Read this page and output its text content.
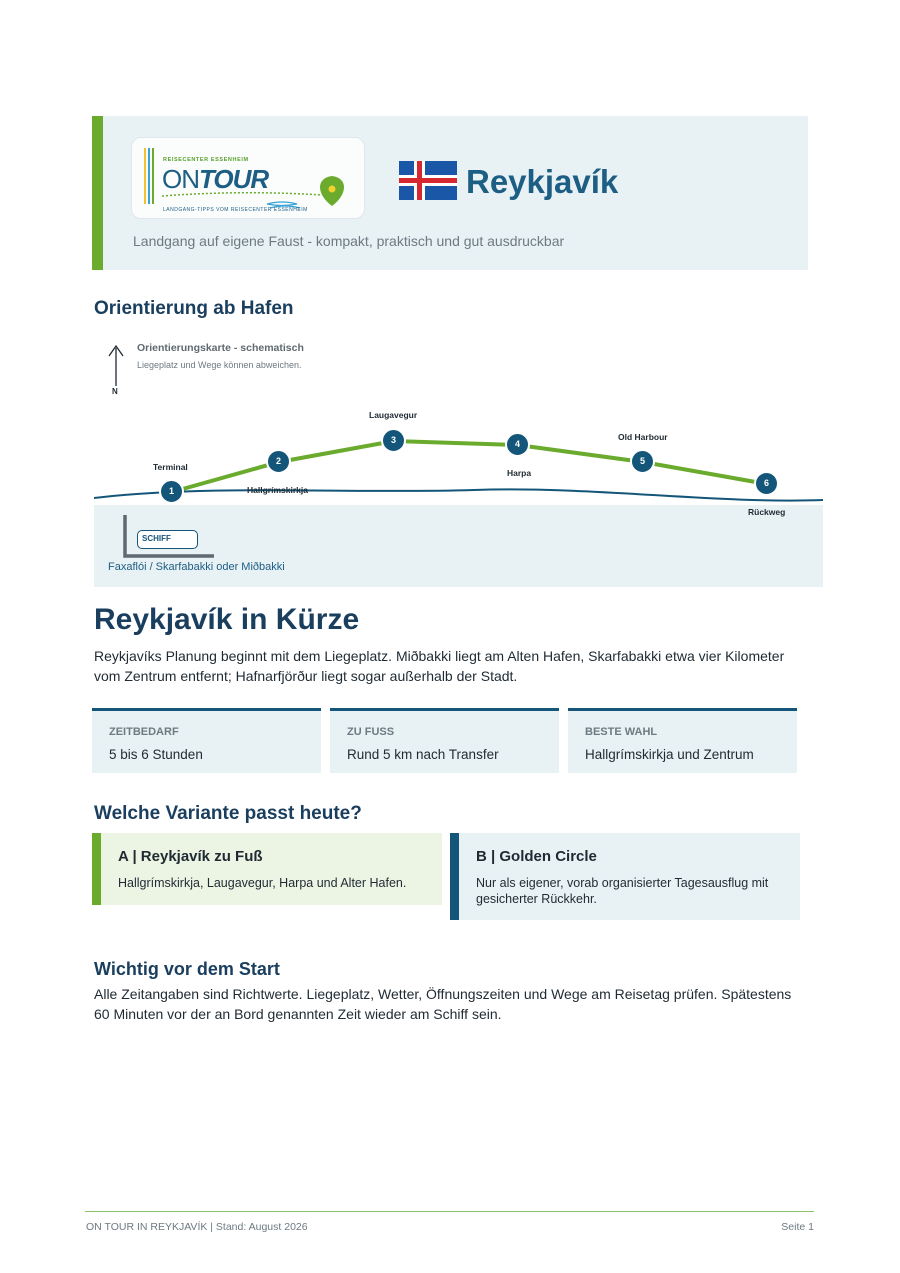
REISECENTER ESSENHEIM
ONTOUR
LANDGANG-TIPPS VOM REISECENTER ESSENHEIM
Reykjavík
Landgang auf eigene Faust - kompakt, praktisch und gut ausdruckbar
Orientierung ab Hafen
Orientierungskarte - schematisch
Liegeplatz und Wege können abweichen.
N
1
Terminal
2
Hallgrímskirkja
3
Laugavegur
4
Harpa
5
Old Harbour
6
Rückweg
SCHIFF
Faxaflói / Skarfabakki oder Miðbakki
Reykjavík in Kürze
Reykjavíks Planung beginnt mit dem Liegeplatz. Miðbakki liegt am Alten Hafen, Skarfabakki etwa vier Kilometer vom Zentrum entfernt; Hafnarfjörður liegt sogar außerhalb der Stadt.
ZEITBEDARF
5 bis 6 Stunden
ZU FUSS
Rund 5 km nach Transfer
BESTE WAHL
Hallgrímskirkja und Zentrum
Welche Variante passt heute?
A | Reykjavík zu Fuß
Hallgrímskirkja, Laugavegur, Harpa und Alter Hafen.
B | Golden Circle
Nur als eigener, vorab organisierter Tagesausflug mit gesicherter Rückkehr.
Wichtig vor dem Start
Alle Zeitangaben sind Richtwerte. Liegeplatz, Wetter, Öffnungszeiten und Wege am Reisetag prüfen. Spätestens 60 Minuten vor der an Bord genannten Zeit wieder am Schiff sein.
ON TOUR IN REYKJAVÍK | Stand: August 2026	Seite 1
